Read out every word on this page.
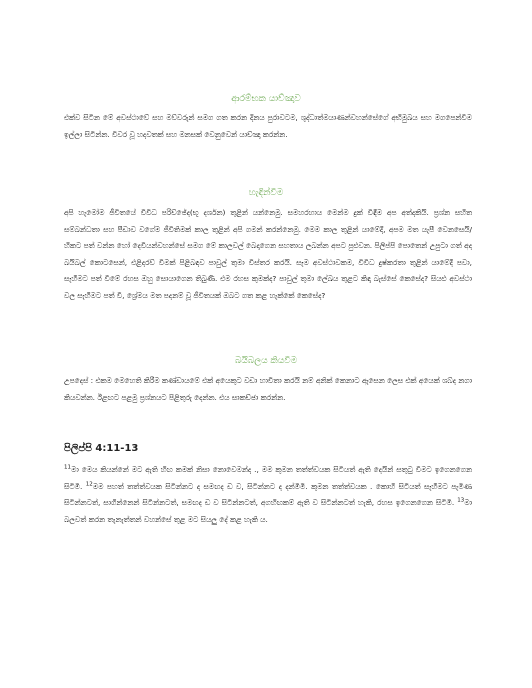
ආරම්භක යාච්ඤාව

එක්ව සිටින මේ අවස්ථාවේ සහ මව්වරුන් සමග ගත කරන දිනය පුරාවටම, ශුද්ධාත්මයාණන්වහන්සේගේ අභිමුඛය සහ මගපෙන්වීම ඉල්ලා සිටින්න. විවර වූ හදවතක් සහ මනසක් වෙනුවෙන් යාච්ඤා කරන්න.

හැඳින්වීම

අපි හැමෝම ජීවිතයේ විවිධ පරිච්ඡේද(භූ දර්ශන) තුළින් යන්නෙමු. සමහරහාය මෙන්ම දුක් විඳීම අප අත්දකියි. ප්‍රශ්න සහිත සම්බන්ධතා සහ පීඩාව වගේම ජීවිතිමක් කාල තුළින් අපි ගමන් කරන්නෙමු. මෙම කාල තුළින් යාමේදී, අපම මත යැපී වෙනසෙයි/හිකට පත් වන්න හෝ දෙවියන්වහන්සේ සමග මේ කාලවල් බෙදාගෙන සහතාය ලබන්න අපට පුළුවන. පිලිප්පි පොතෙන් උපුටා ගත් අද බයිබල් කොටසෙන්, එළිදරව් විමක් පිළිබඳව පාවුල් තුමා විස්තර කරයි. සෑම අවස්ථාවකම, විවිධ දුෂ්කරතා තුළින් යාමේදී පවා, සෑහීමට පත් වීමේ රහස ඔහු සොයාගෙන තිබුණි. එම රහස කුමක්ද? පාවුල් තුමා ලේඛය තුළට කිඳා බැස්සේ කෙසේද? සියළු අවස්ථා වල සෑහීමට පත් වී, ශ්‍රේමය මත පදනම් වූ ජීවිතයක් ඔබට ගත කළ හැක්කේ කෙසේද?

බයිබලය කියවීම

උපදෙස් : එකම මෙහෙති කිරීම කණ්ඩායමේ එක් අයෙකුට වඩා හාවිතා කරයි නම් අනික් කෙනාට ඇසෙන ලෙස එක් අයෙක් ශබ්ද නගා කියවන්න. ඊළඟට පළමු ප්‍රශ්නයට පිළිතුරු දෙන්න. එය සාකච්ඡා කරන්න.

පිලිප්පි 4:11-13

$^{11}$මා මෙය කියන්නේ මට ඇති හිඟ කමක් නිසා නොවෙමන්ද ., මම කුමන තත්ත්වයක සිටියත් ඇති දෙයින් සතුටු වීමට ඉගෙනගෙන සිටිමි. $^{12}$මම පහත් තත්ත්වයක සිටින්නට ද සමඟද ඩ ව, සිටින්නට ද දන්මිමි. කුමන තත්ත්වයක . කොහි සිටියත් සෑහීමට පැමිණ සිටින්නටත්, සාගින්නෙන් සිටින්නටත්, සමඟද ඩ ව සිටින්නටත්, අගහිඟකම් ඇති ව සිටින්නටත් හැකි, රහස ඉගෙනගෙන සිටිමි. $^{13}$මා බලවත් කරන තැනැත්තන් වහන්සේ තුළ මට සියලු දේ කළ හැකි ය.
